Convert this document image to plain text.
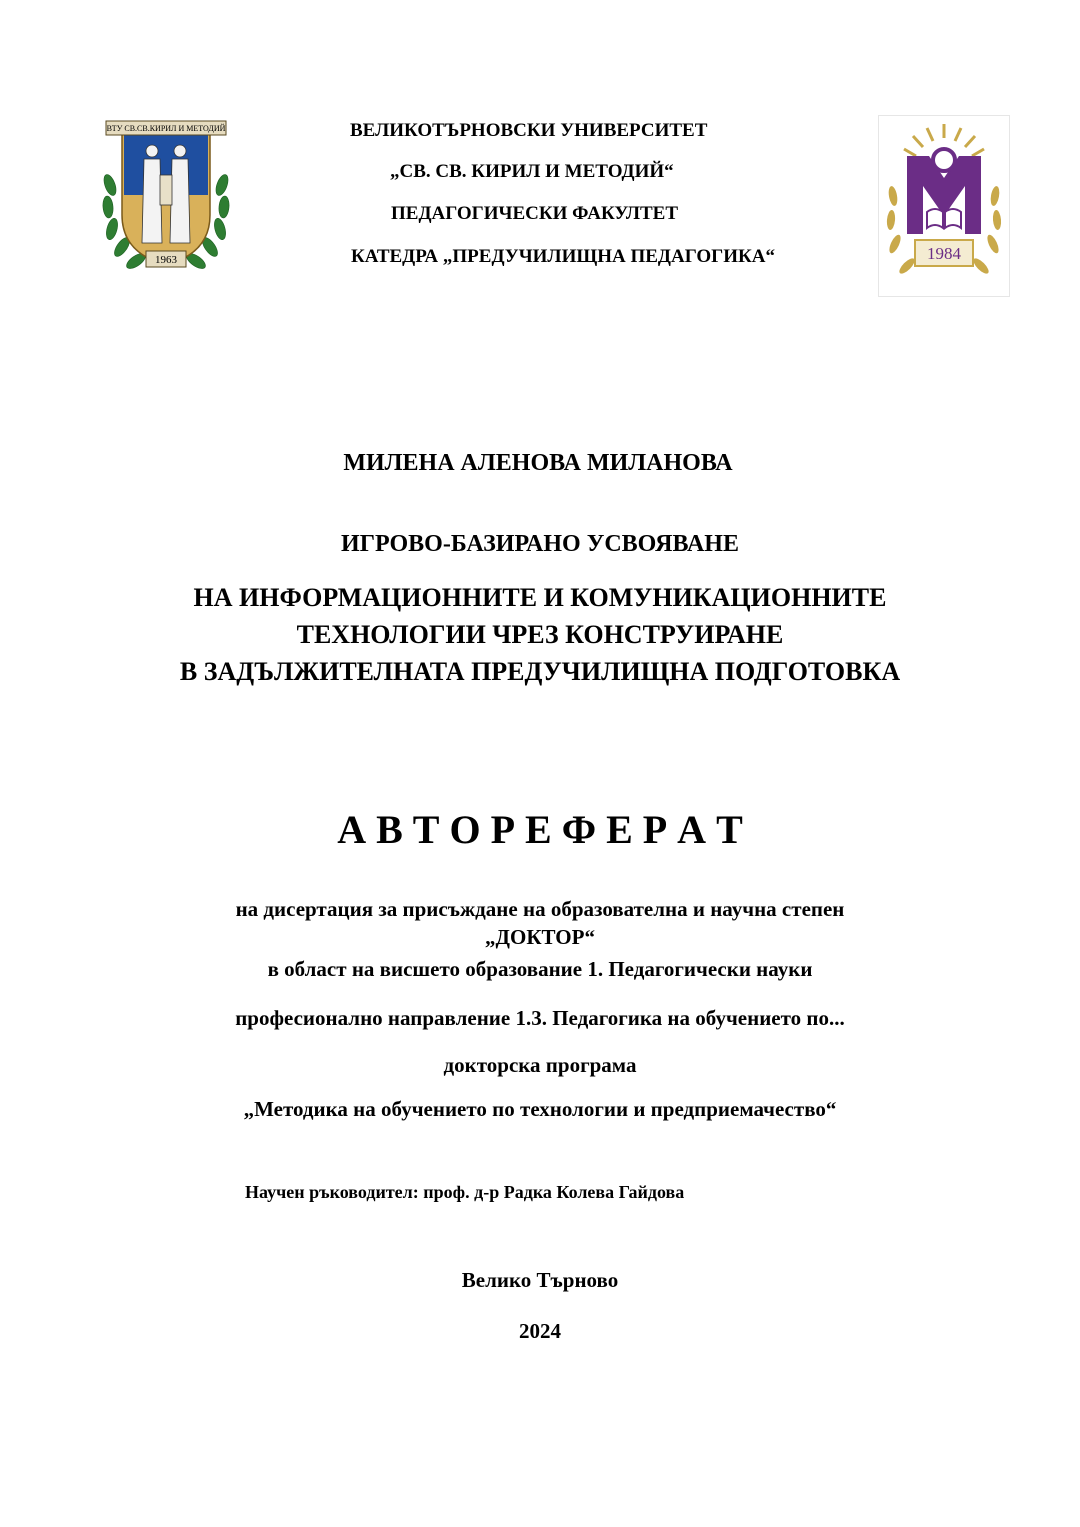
ВТУ СВ.СВ.КИРИЛ И МЕТОДИЙ
1963
ВЕЛИКОТЪРНОВСКИ УНИВЕРСИТЕТ
„СВ. СВ. КИРИЛ И МЕТОДИЙ“
ПЕДАГОГИЧЕСКИ ФАКУЛТЕТ
КАТЕДРА „ПРЕДУЧИЛИЩНА ПЕДАГОГИКА“	1984
МИЛЕНА АЛЕНОВА МИЛАНОВА
ИГРОВО-БАЗИРАНО УСВОЯВАНЕ
НА ИНФОРМАЦИОННИТЕ И КОМУНИКАЦИОННИТЕ
ТЕХНОЛОГИИ ЧРЕЗ КОНСТРУИРАНЕ
В ЗАДЪЛЖИТЕЛНАТА ПРЕДУЧИЛИЩНА ПОДГОТОВКА
А В Т О Р Е Ф Е Р А Т
на дисертация за присъждане на образователна и научна степен
„ДОКТОР“
в област на висшето образование 1. Педагогически науки
професионално направление 1.3. Педагогика на обучението по...
докторска програма
„Методика на обучението по технологии и предприемачество“
Научен ръководител: проф. д-р Радка Колева Гайдова
Велико Търново
2024
